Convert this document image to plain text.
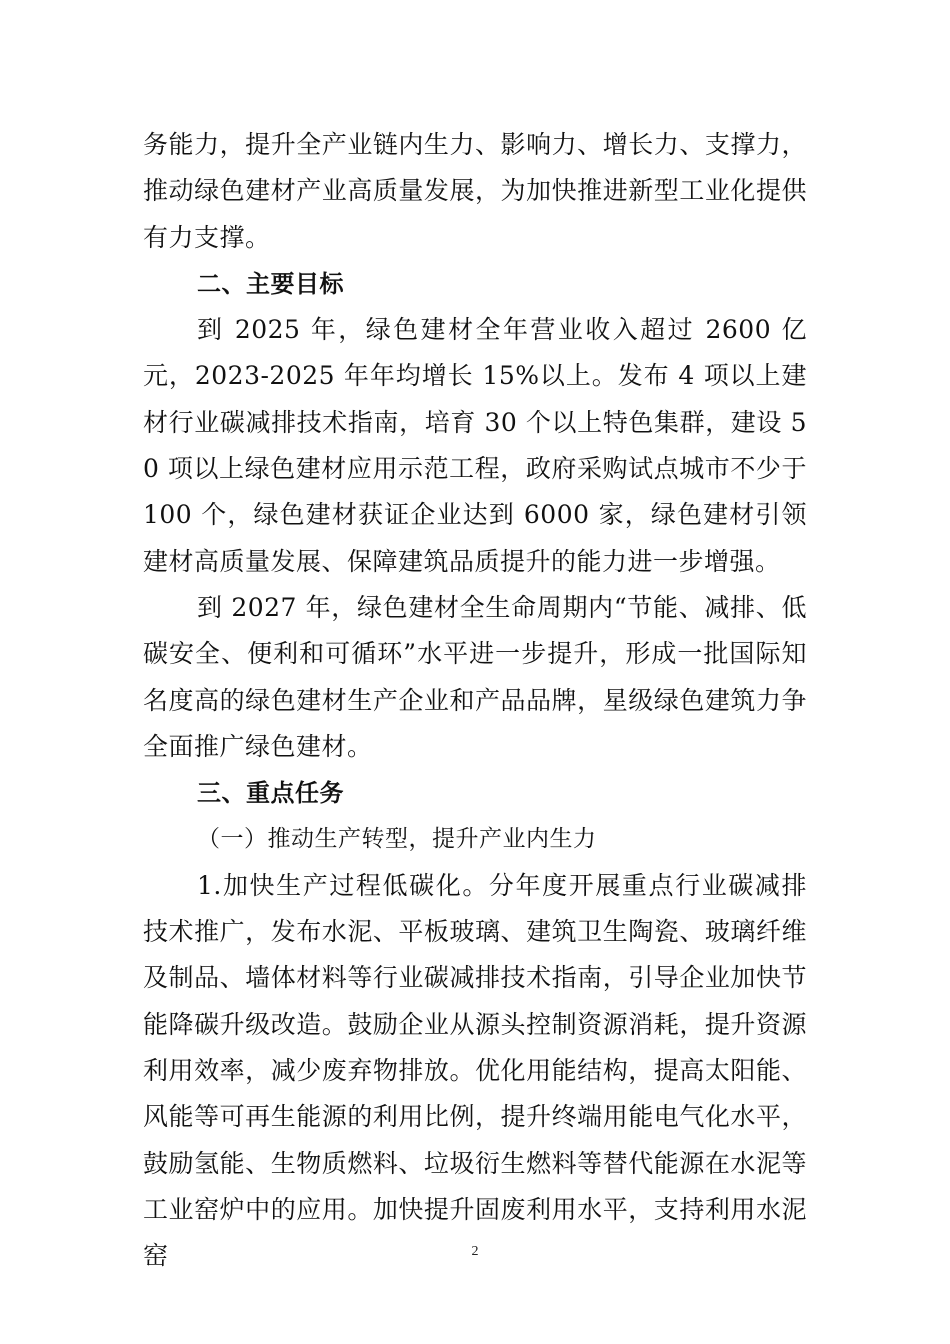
务能力，提升全产业链内生力、影响力、增长力、支撑力，推动绿色建材产业高质量发展，为加快推进新型工业化提供有力支撑。

二、主要目标

到 2025 年，绿色建材全年营业收入超过 2600 亿元，2023-2025 年年均增长 15%以上。发布 4 项以上建材行业碳减排技术指南，培育 30 个以上特色集群，建设 50 项以上绿色建材应用示范工程，政府采购试点城市不少于 100 个，绿色建材获证企业达到 6000 家，绿色建材引领建材高质量发展、保障建筑品质提升的能力进一步增强。

到 2027 年，绿色建材全生命周期内“节能、减排、低碳安全、便利和可循环”水平进一步提升，形成一批国际知名度高的绿色建材生产企业和产品品牌，星级绿色建筑力争全面推广绿色建材。

三、重点任务

（一）推动生产转型，提升产业内生力

1.加快生产过程低碳化。分年度开展重点行业碳减排技术推广，发布水泥、平板玻璃、建筑卫生陶瓷、玻璃纤维及制品、墙体材料等行业碳减排技术指南，引导企业加快节能降碳升级改造。鼓励企业从源头控制资源消耗，提升资源利用效率，减少废弃物排放。优化用能结构，提高太阳能、风能等可再生能源的利用比例，提升终端用能电气化水平，鼓励氢能、生物质燃料、垃圾衍生燃料等替代能源在水泥等工业窑炉中的应用。加快提升固废利用水平，支持利用水泥窑	2
